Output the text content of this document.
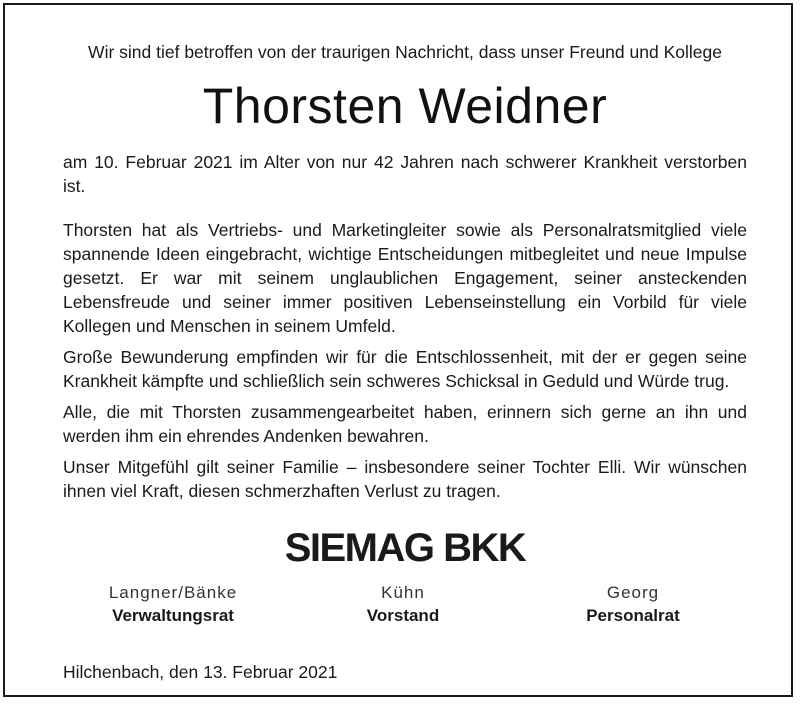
Wir sind tief betroffen von der traurigen Nachricht, dass unser Freund und Kollege
Thorsten Weidner

am 10. Februar 2021 im Alter von nur 42 Jahren nach schwerer Krankheit verstorben ist.

Thorsten hat als Vertriebs- und Marketingleiter sowie als Personalratsmitglied viele spannende Ideen eingebracht, wichtige Entscheidungen mitbegleitet und neue Impulse gesetzt. Er war mit seinem unglaublichen Engagement, seiner ansteckenden Lebensfreude und seiner immer positiven Lebenseinstellung ein Vorbild für viele Kollegen und Menschen in seinem Umfeld.

Große Bewunderung empfinden wir für die Entschlossenheit, mit der er gegen seine Krankheit kämpfte und schließlich sein schweres Schicksal in Geduld und Würde trug.

Alle, die mit Thorsten zusammengearbeitet haben, erinnern sich gerne an ihn und werden ihm ein ehrendes Andenken bewahren.

Unser Mitgefühl gilt seiner Familie – insbesondere seiner Tochter Elli. Wir wünschen ihnen viel Kraft, diesen schmerzhaften Verlust zu tragen.

SIEMAG BKK
Langner/Bänke
Verwaltungsrat
Kühn
Vorstand
Georg
Personalrat
Hilchenbach, den 13. Februar 2021
